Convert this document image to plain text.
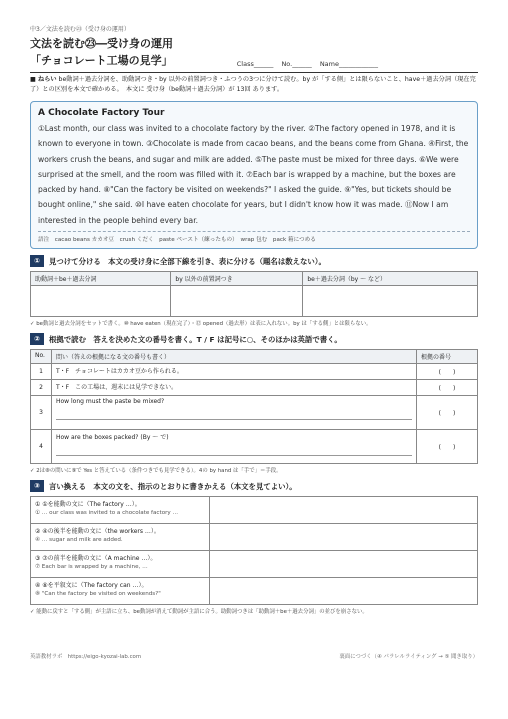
中3／文法を読む㉓（受け身の運用）
文法を読む㉓―受け身の運用
「チョコレート工場の見学」	Class______ No.______ Name____________
■ ねらい be動詞＋過去分詞を、助動詞つき・by 以外の前置詞つき・ふつうの3つに分けて読む。by が「する側」とは限らないこと、have＋過去分詞（現在完了）との区別を本文で確かめる。　本文に 受け身（be動詞＋過去分詞）が 13回 あります。
A Chocolate Factory Tour
①Last month, our class was invited to a chocolate factory by the river. ②The factory opened in 1978, and it is known to everyone in town. ③Chocolate is made from cacao beans, and the beans come from Ghana. ④First, the workers crush the beans, and sugar and milk are added. ⑤The paste must be mixed for three days. ⑥We were surprised at the smell, and the room was filled with it. ⑦Each bar is wrapped by a machine, but the boxes are packed by hand. ⑧"Can the factory be visited on weekends?" I asked the guide. ⑨"Yes, but tickets should be bought online," she said. ⑩I have eaten chocolate for years, but I didn't know how it was made. ⑪Now I am interested in the people behind every bar.
語注　cacao beans カカオ豆　crush くだく　paste ペースト（練ったもの）　wrap 包む　pack 箱につめる
①	見つけて分ける　本文の受け身に全部下線を引き、表に分ける（題名は数えない）。
助動詞＋be＋過去分詞	by 以外の前置詞つき	be＋過去分詞（by ～ など）

✓ be動詞と過去分詞をセットで書く。⑩ have eaten（現在完了）・⑫ opened（過去形）は表に入れない。by は「する側」とは限らない。
②	根拠で読む　答えを決めた文の番号を書く。T / F は記号に○、そのほかは英語で書く。
No.	問い（答えの根拠になる文の番号も書く）	根拠の番号
1	T・F　チョコレートはカカオ豆から作られる。	(　　)
2	T・F　この工場は、週末には見学できない。	(　　)
3	How long must the paste be mixed?	(　　)
4	How are the boxes packed? (By ～ で)	(　　)
✓ 2は⑧の問いに⑨で Yes と答えている（条件つきでも見学できる）。4の by hand は「手で」＝手段。
③	言い換える　本文の文を、指示のとおりに書きかえる（本文を見てよい）。
① ①を能動の文に（The factory …）。
① … our class was invited to a chocolate factory …	

② ④の後半を能動の文に（the workers …）。
④ … sugar and milk are added.	

③ ⑦の前半を能動の文に（A machine …）。
⑦ Each bar is wrapped by a machine, …	

④ ⑧を平叙文に（The factory can …）。
⑧ "Can the factory be visited on weekends?"	

✓ 能動に戻すと「する側」が主語に立ち、be動詞が消えて動詞が主語に合う。助動詞つきは「助動詞＋be＋過去分詞」の並びを崩さない。
英語教材ラボ　https://eigo-kyozai-lab.com	裏面につづく（④ パラレルライティング → ⑤ 聞き取り）
